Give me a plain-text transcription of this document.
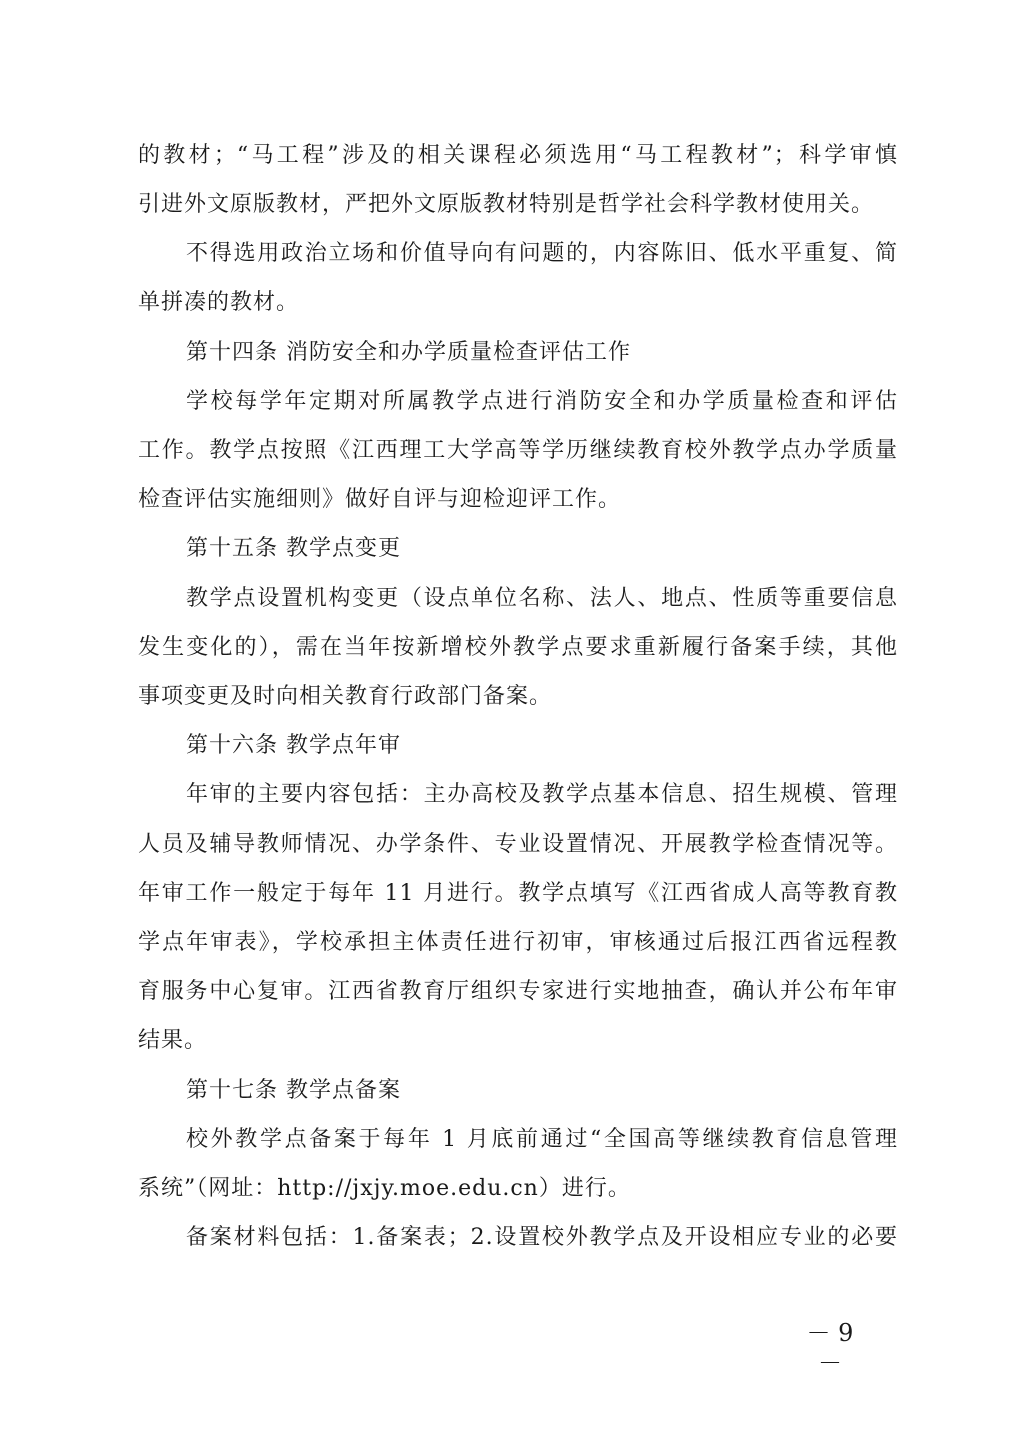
的教材；“马工程”涉及的相关课程必须选用“马工程教材”；科学审慎
引进外文原版教材，严把外文原版教材特别是哲学社会科学教材使用关。
不得选用政治立场和价值导向有问题的，内容陈旧、低水平重复、简
单拼凑的教材。
第十四条 消防安全和办学质量检查评估工作
学校每学年定期对所属教学点进行消防安全和办学质量检查和评估
工作。教学点按照《江西理工大学高等学历继续教育校外教学点办学质量
检查评估实施细则》做好自评与迎检迎评工作。
第十五条 教学点变更
教学点设置机构变更（设点单位名称、法人、地点、性质等重要信息
发生变化的），需在当年按新增校外教学点要求重新履行备案手续，其他
事项变更及时向相关教育行政部门备案。
第十六条 教学点年审
年审的主要内容包括：主办高校及教学点基本信息、招生规模、管理
人员及辅导教师情况、办学条件、专业设置情况、开展教学检查情况等。
年审工作一般定于每年 11 月进行。教学点填写《江西省成人高等教育教
学点年审表》，学校承担主体责任进行初审，审核通过后报江西省远程教
育服务中心复审。江西省教育厅组织专家进行实地抽查，确认并公布年审
结果。
第十七条 教学点备案
校外教学点备案于每年 1 月底前通过“全国高等继续教育信息管理
系统”（网址：http://jxjy.moe.edu.cn）进行。
备案材料包括：1.备案表；2.设置校外教学点及开设相应专业的必要
－ 9 －
